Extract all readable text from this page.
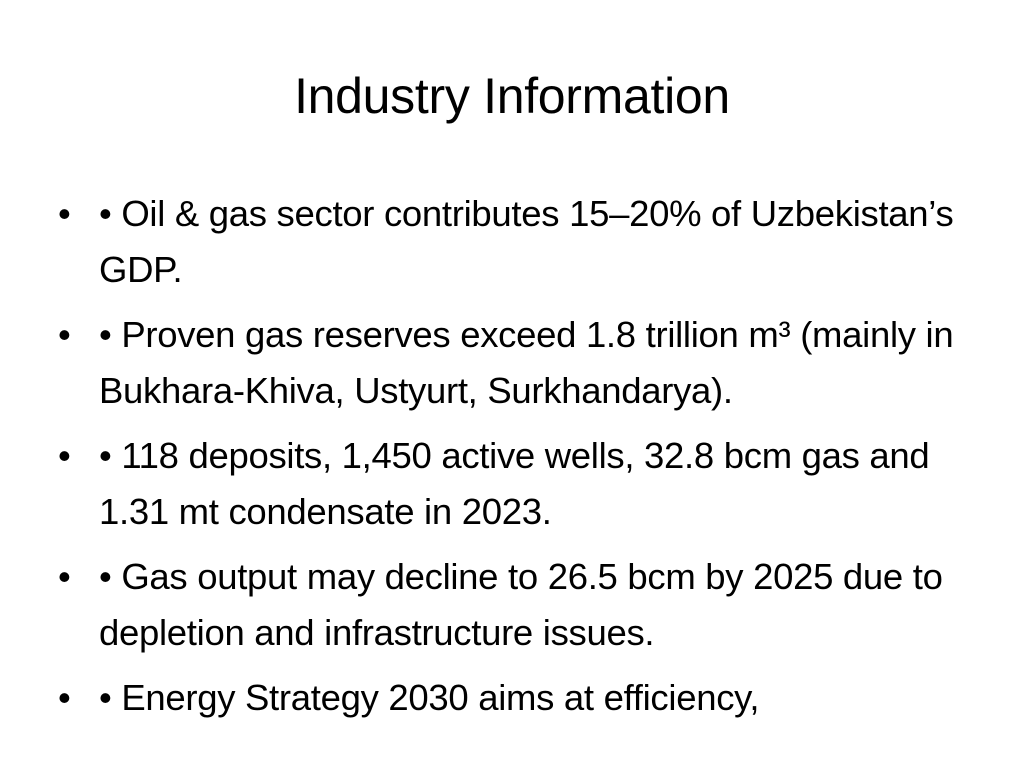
Industry Information
• • Oil & gas sector contributes 15–20% of Uzbekistan’s GDP.
• • Proven gas reserves exceed 1.8 trillion m³ (mainly in Bukhara-Khiva, Ustyurt, Surkhandarya).
• • 118 deposits, 1,450 active wells, 32.8 bcm gas and 1.31 mt condensate in 2023.
• • Gas output may decline to 26.5 bcm by 2025 due to depletion and infrastructure issues.
• • Energy Strategy 2030 aims at efficiency,
